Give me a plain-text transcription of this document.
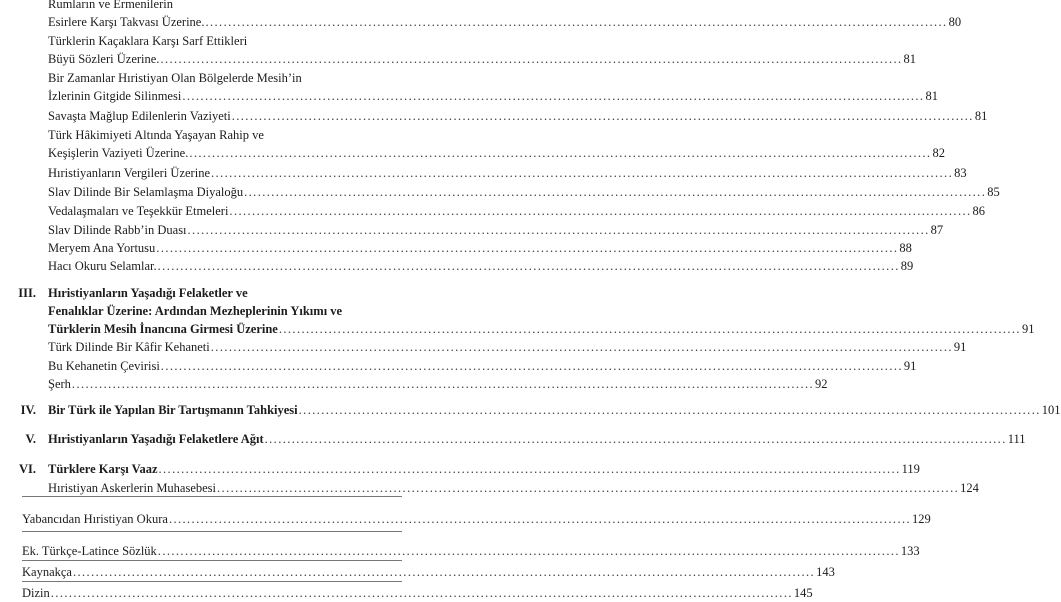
Rumların ve Ermenilerin
Esirlere Karşı Takvası Üzerine. .....	80
Türklerin Kaçaklara Karşı Sarf Ettikleri
Büyü Sözleri Üzerine. .....	81
Bir Zamanlar Hıristiyan Olan Bölgelerde Mesih’in
İzlerinin Gitgide Silinmesi .....	81
Savaşta Mağlup Edilenlerin Vaziyeti .....	81
Türk Hâkimiyeti Altında Yaşayan Rahip ve
Keşişlerin Vaziyeti Üzerine. .....	82
Hıristiyanların Vergileri Üzerine .....	83
Slav Dilinde Bir Selamlaşma Diyaloğu .....	85
Vedalaşmaları ve Teşekkür Etmeleri .....	86
Slav Dilinde Rabb’in Duası .....	87
Meryem Ana Yortusu .....	88
Hacı Okuru Selamlar. .....	89
III. Hıristiyanların Yaşadığı Felaketler ve
Fenalıklar Üzerine: Ardından Mezheplerinin Yıkımı ve
Türklerin Mesih İnancına Girmesi Üzerine .....	91
Türk Dilinde Bir Kâfir Kehaneti .....	91
Bu Kehanetin Çevirisi .....	91
Şerh .....	92
IV. Bir Türk ile Yapılan Bir Tartışmanın Tahkiyesi .....	101
V. Hıristiyanların Yaşadığı Felaketlere Ağıt .....	111
VI. Türklere Karşı Vaaz .....	119
Hıristiyan Askerlerin Muhasebesi .....	124
Yabancıdan Hıristiyan Okura .....	129
Ek. Türkçe-Latince Sözlük .....	133
Kaynakça .....	143
Dizin .....	145
